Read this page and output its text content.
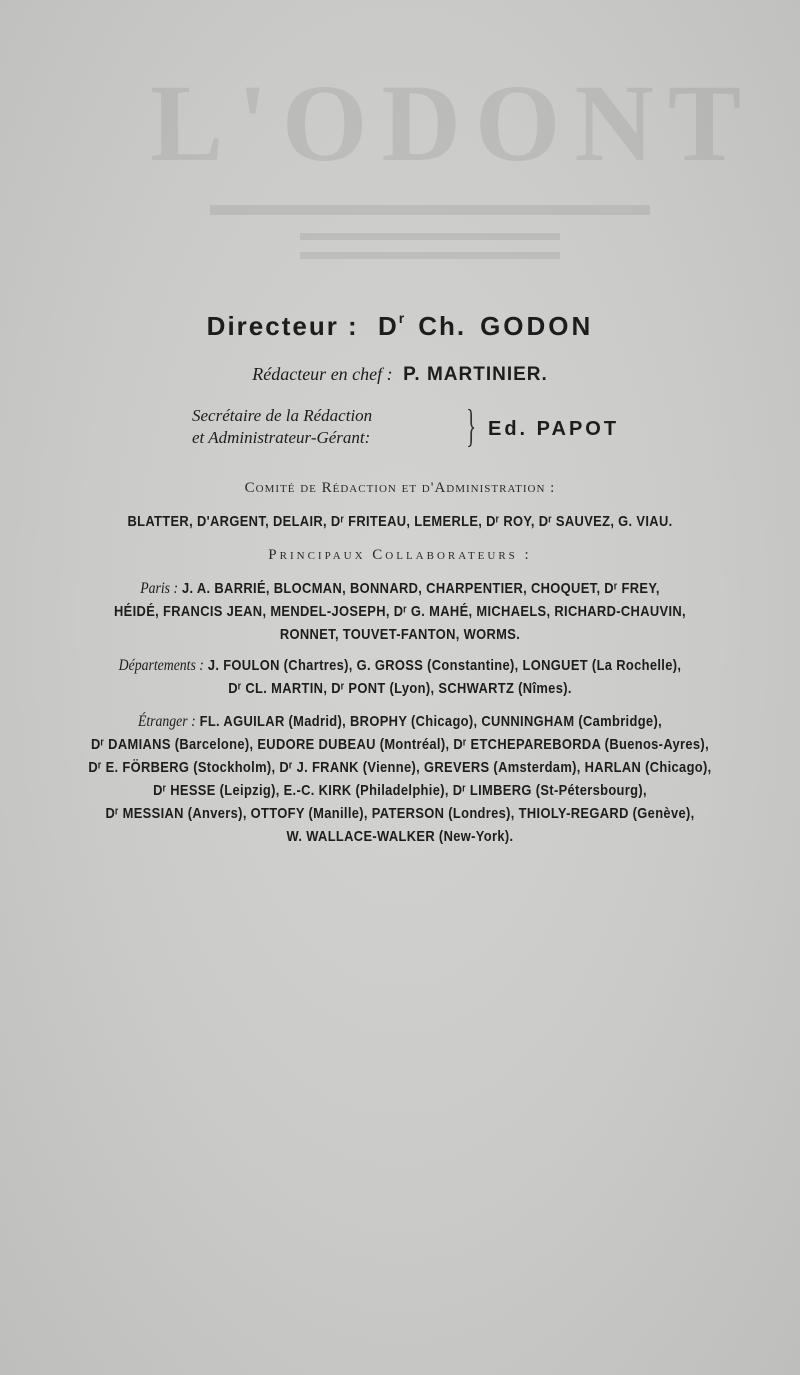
L'ODONT
Directeur : $D^r$ Ch. GODON
Rédacteur en chef : P. MARTINIER.
Secrétaire de la Rédaction
et Administrateur-Gérant: } Ed. PAPOT
Comité de Rédaction et d'Administration :
BLATTER, D'ARGENT, DELAIR, Dʳ FRITEAU, LEMERLE, Dʳ ROY, Dʳ SAUVEZ, G. VIAU.
Principaux Collaborateurs :
Paris : J. A. BARRIÉ, BLOCMAN, BONNARD, CHARPENTIER, CHOQUET, Dʳ FREY,
HÉIDÉ, FRANCIS JEAN, MENDEL-JOSEPH, Dʳ G. MAHÉ, MICHAELS, RICHARD-CHAUVIN,
RONNET, TOUVET-FANTON, WORMS.
Départements : J. FOULON (Chartres), G. GROSS (Constantine), LONGUET (La Rochelle),
Dʳ CL. MARTIN, Dʳ PONT (Lyon), SCHWARTZ (Nîmes).
Étranger : FL. AGUILAR (Madrid), BROPHY (Chicago), CUNNINGHAM (Cambridge),
Dʳ DAMIANS (Barcelone), EUDORE DUBEAU (Montréal), Dʳ ETCHEPAREBORDA (Buenos-Ayres),
Dʳ E. FÖRBERG (Stockholm), Dʳ J. FRANK (Vienne), GREVERS (Amsterdam), HARLAN (Chicago),
Dʳ HESSE (Leipzig), E.-C. KIRK (Philadelphie), Dʳ LIMBERG (St-Pétersbourg),
Dʳ MESSIAN (Anvers), OTTOFY (Manille), PATERSON (Londres), THIOLY-REGARD (Genève),
W. WALLACE-WALKER (New-York).
